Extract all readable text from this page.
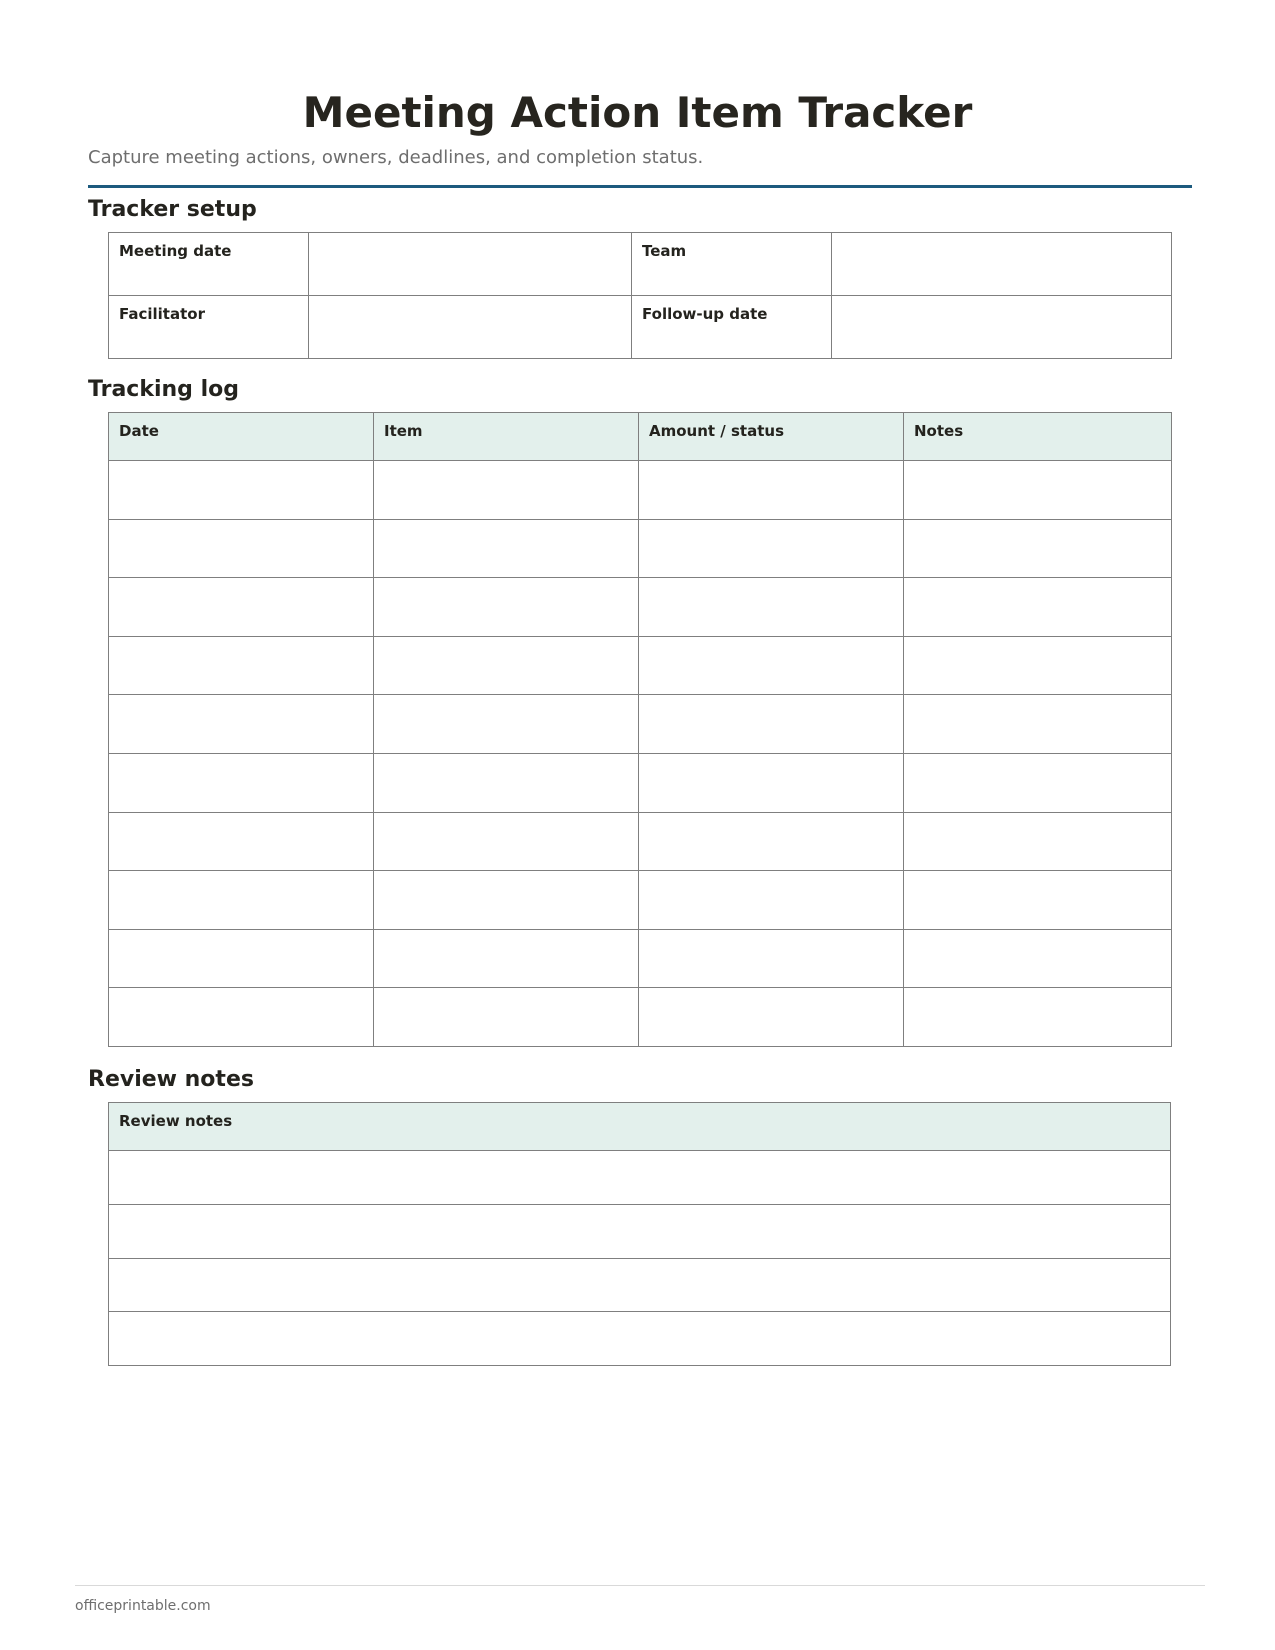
Meeting Action Item Tracker

Capture meeting actions, owners, deadlines, and completion status.

Tracker setup
Meeting date		Team	

Facilitator		Follow-up date	

Tracking log
Date	Item	Amount / status	Notes

Review notes
Review notes

officeprintable.com
